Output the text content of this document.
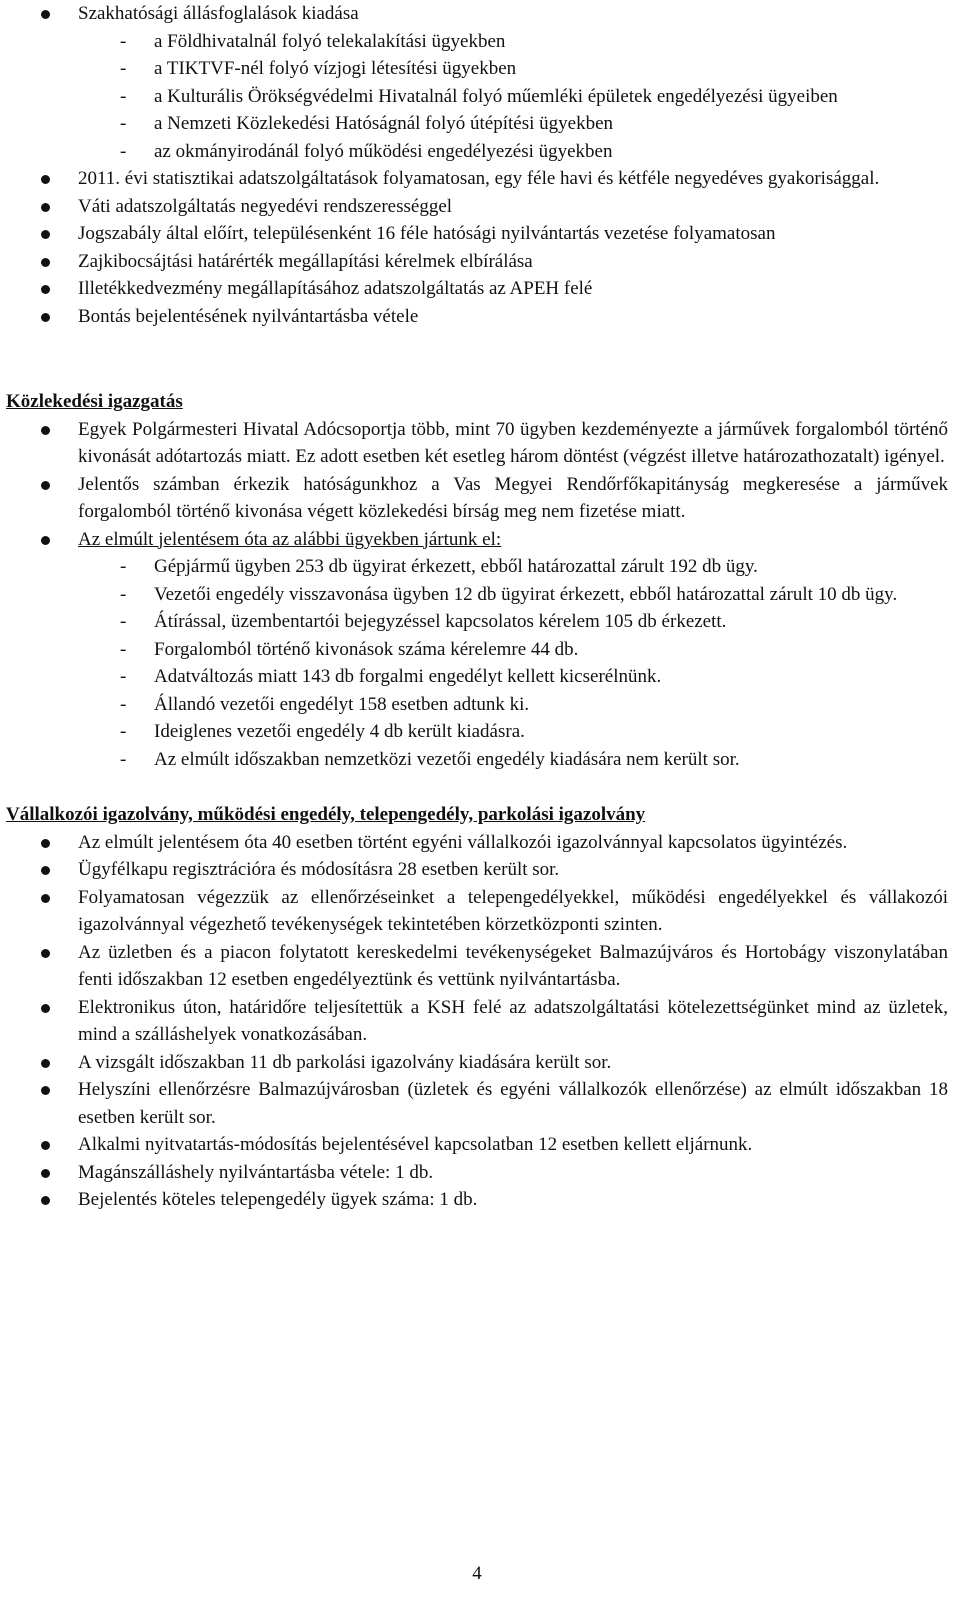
Szakhatósági állásfoglalások kiadása
- a Földhivatalnál folyó telekalakítási ügyekben
- a TIKTVF-nél folyó vízjogi létesítési ügyekben
- a Kulturális Örökségvédelmi Hivatalnál folyó műemléki épületek engedélyezési ügyeiben
- a Nemzeti Közlekedési Hatóságnál folyó útépítési ügyekben
- az okmányirodánál folyó működési engedélyezési ügyekben
2011. évi statisztikai adatszolgáltatások folyamatosan, egy féle havi és kétféle negyedéves gyakorisággal.
Váti adatszolgáltatás negyedévi rendszerességgel
Jogszabály által előírt, településenként 16 féle hatósági nyilvántartás vezetése folyamatosan
Zajkibocsájtási határérték megállapítási kérelmek elbírálása
Illetékkedvezmény megállapításához adatszolgáltatás az APEH felé
Bontás bejelentésének nyilvántartásba vétele

Közlekedési igazgatás

Egyek Polgármesteri Hivatal Adócsoportja több, mint 70 ügyben kezdeményezte a járművek forgalomból történő kivonását adótartozás miatt. Ez adott esetben két esetleg három döntést (végzést illetve határozathozatalt) igényel.
Jelentős számban érkezik hatóságunkhoz a Vas Megyei Rendőrfőkapitányság megkeresése a járművek forgalomból történő kivonása végett közlekedési bírság meg nem fizetése miatt.
Az elmúlt jelentésem óta az alábbi ügyekben jártunk el:
- Gépjármű ügyben 253 db ügyirat érkezett, ebből határozattal zárult 192 db ügy.
- Vezetői engedély visszavonása ügyben 12 db ügyirat érkezett, ebből határozattal zárult 10 db ügy.
- Átírással, üzembentartói bejegyzéssel kapcsolatos kérelem 105 db érkezett.
- Forgalomból történő kivonások száma kérelemre 44 db.
- Adatváltozás miatt 143 db forgalmi engedélyt kellett kicserélnünk.
- Állandó vezetői engedélyt 158 esetben adtunk ki.
- Ideiglenes vezetői engedély 4 db került kiadásra.
- Az elmúlt időszakban nemzetközi vezetői engedély kiadására nem került sor.

Vállalkozói igazolvány, működési engedély, telepengedély, parkolási igazolvány

Az elmúlt jelentésem óta 40 esetben történt egyéni vállalkozói igazolvánnyal kapcsolatos ügyintézés.
Ügyfélkapu regisztrációra és módosításra 28 esetben került sor.
Folyamatosan végezzük az ellenőrzéseinket a telepengedélyekkel, működési engedélyekkel és vállakozói igazolvánnyal végezhető tevékenységek tekintetében körzetközponti szinten.
Az üzletben és a piacon folytatott kereskedelmi tevékenységeket Balmazújváros és Hortobágy viszonylatában fenti időszakban 12 esetben engedélyeztünk és vettünk nyilvántartásba.
Elektronikus úton, határidőre teljesítettük a KSH felé az adatszolgáltatási kötelezettségünket mind az üzletek, mind a szálláshelyek vonatkozásában.
A vizsgált időszakban 11 db parkolási igazolvány kiadására került sor.
Helyszíni ellenőrzésre Balmazújvárosban (üzletek és egyéni vállalkozók ellenőrzése) az elmúlt időszakban 18 esetben került sor.
Alkalmi nyitvatartás-módosítás bejelentésével kapcsolatban 12 esetben kellett eljárnunk.
Magánszálláshely nyilvántartásba vétele: 1 db.
Bejelentés köteles telepengedély ügyek száma: 1 db.
4
